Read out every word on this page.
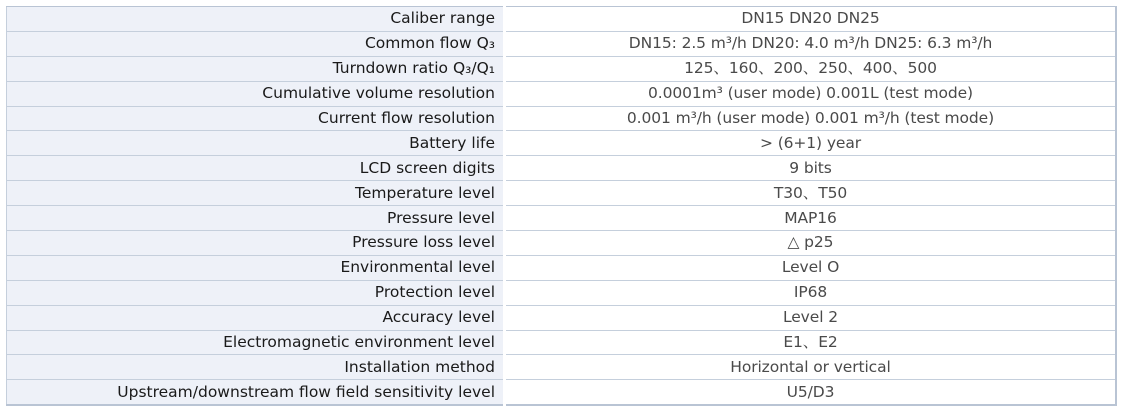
Caliber range	DN15 DN20 DN25
Common flow Q₃	DN15: 2.5 m³/h DN20: 4.0 m³/h DN25: 6.3 m³/h
Turndown ratio Q₃/Q₁	125、160、200、250、400、500
Cumulative volume resolution	0.0001m³ (user mode) 0.001L (test mode)
Current flow resolution	0.001 m³/h (user mode) 0.001 m³/h (test mode)
Battery life	> (6+1) year
LCD screen digits	9 bits
Temperature level	T30、T50
Pressure level	MAP16
Pressure loss level	△ p25
Environmental level	Level O
Protection level	IP68
Accuracy level	Level 2
Electromagnetic environment level	E1、E2
Installation method	Horizontal or vertical
Upstream/downstream flow field sensitivity level	U5/D3
